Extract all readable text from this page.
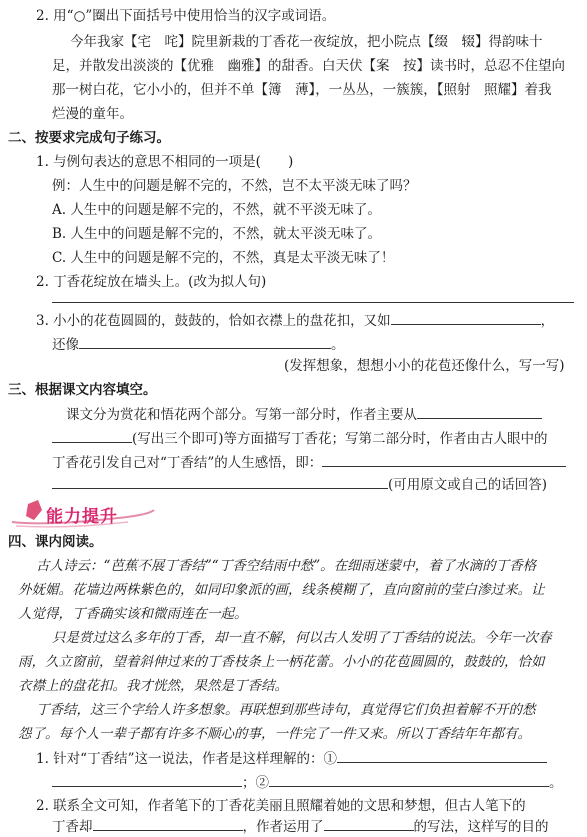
2. 用“○”圈出下面括号中使用恰当的汉字或词语。
今年我家【宅　咤】院里新栽的丁香花一夜绽放，把小院点【缀　辍】得韵味十
足，并散发出淡淡的【优雅　幽雅】的甜香。白天伏【案　按】读书时，总忍不住望向
那一树白花，它小小的，但并不单【簿　薄】，一丛丛，一簇簇，【照射　照耀】着我
烂漫的童年。
二、按要求完成句子练习。
1. 与例句表达的意思不相同的一项是(　　)
例：人生中的问题是解不完的，不然，岂不太平淡无味了吗？
A. 人生中的问题是解不完的，不然，就不平淡无味了。
B. 人生中的问题是解不完的，不然，就太平淡无味了。
C. 人生中的问题是解不完的，不然，真是太平淡无味了！
2. 丁香花绽放在墙头上。(改为拟人句)
3. 小小的花苞圆圆的，鼓鼓的，恰如衣襟上的盘花扣，又如	，
还像	。
(发挥想象，想想小小的花苞还像什么，写一写)
三、根据课文内容填空。
课文分为赏花和悟花两个部分。写第一部分时，作者主要从
(写出三个即可)等方面描写丁香花；写第二部分时，作者由古人眼中的
丁香花引发自己对“丁香结”的人生感悟，即：
(可用原文或自己的话回答)
能力提升
四、课内阅读。
古人诗云：“芭蕉不展丁香结”“丁香空结雨中愁”。在细雨迷蒙中，着了水滴的丁香格
外妩媚。花墙边两株紫色的，如同印象派的画，线条模糊了，直向窗前的莹白渗过来。让
人觉得，丁香确实该和微雨连在一起。
只是赏过这么多年的丁香，却一直不解，何以古人发明了丁香结的说法。今年一次春
雨，久立窗前，望着斜伸过来的丁香枝条上一柄花蕾。小小的花苞圆圆的，鼓鼓的，恰如
衣襟上的盘花扣。我才恍然，果然是丁香结。
丁香结，这三个字给人许多想象。再联想到那些诗句，真觉得它们负担着解不开的愁
怨了。每个人一辈子都有许多不顺心的事，一件完了一件又来。所以丁香结年年都有。
1. 针对“丁香结”这一说法，作者是这样理解的：①
；②	。
2. 联系全文可知，作者笔下的丁香花美丽且照耀着她的文思和梦想，但古人笔下的
丁香却	，作者运用了	的写法，这样写的目的
